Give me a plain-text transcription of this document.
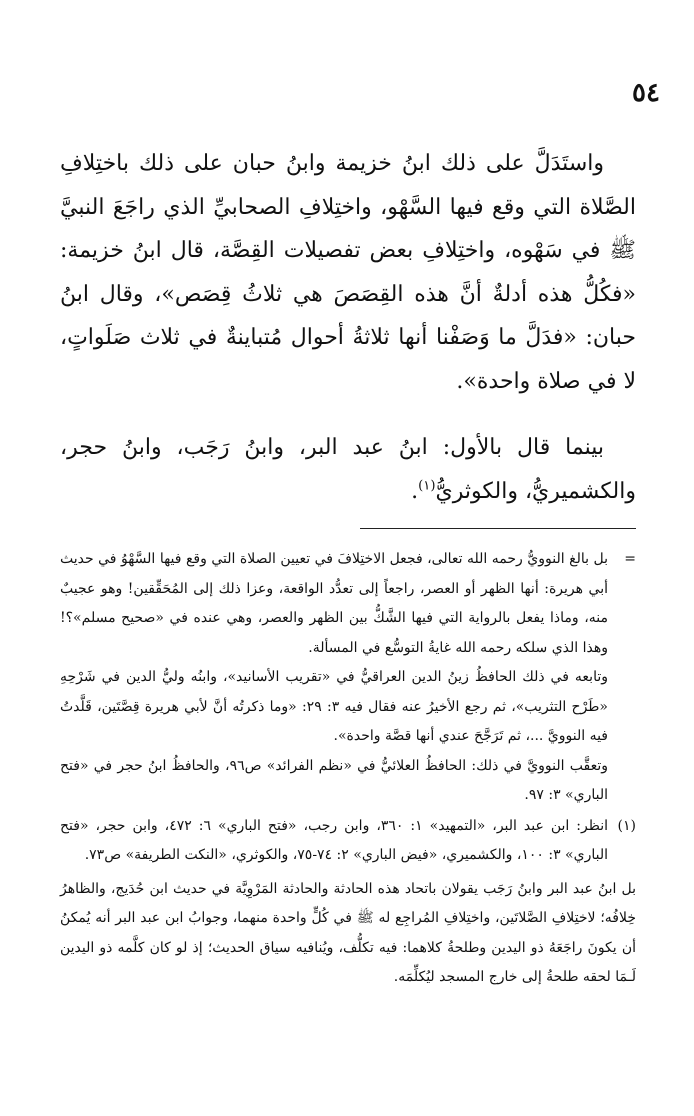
٥٤

واستَدَلَّ على ذلك ابنُ خزيمة وابنُ حبان على ذلك باختِلافِ الصَّلاة التي وقع فيها السَّهْو، واختِلافِ الصحابيِّ الذي راجَعَ النبيَّ ﷺ في سَهْوه، واختِلافِ بعض تفصيلات القِصَّة، قال ابنُ خزيمة: «فكُلُّ هذه أدلةٌ أنَّ هذه القِصَصَ هي ثلاثُ قِصَص»، وقال ابنُ حبان: «فدَلَّ ما وَصَفْنا أنها ثلاثةُ أحوال مُتباينةٌ في ثلاث صَلَواتٍ، لا في صلاة واحدة».

بينما قال بالأول: ابنُ عبد البر، وابنُ رَجَب، وابنُ حجر، والكشميريُّ، والكوثريُّ$^{(١)}$.

=

بل بالغ النوويُّ رحمه الله تعالى، فجعل الاختِلافَ في تعيين الصلاة التي وقع فيها السَّهْوُ في حديث أبي هريرة: أنها الظهر أو العصر، راجعاً إلى تعدُّد الواقعة، وعزا ذلك إلى المُحَقِّقين! وهو عجيبٌ منه، وماذا يفعل بالرواية التي فيها الشَّكُّ بين الظهر والعصر، وهي عنده في «صحيح مسلم»؟! وهذا الذي سلكه رحمه الله غايةُ التوسُّع في المسألة.

وتابعه في ذلك الحافظُ زينُ الدين العراقيُّ في «تقريب الأسانيد»، وابنُه وليُّ الدين في شَرْحِهِ «طَرْح التثريب»، ثم رجع الأخيرُ عنه فقال فيه ٣: ٢٩: «وما ذكرتُه أنَّ لأبي هريرة قِصَّتَين، قَلَّدتُ فيه النوويَّ ...، ثم تَرَجَّحَ عندي أنها قصَّة واحدة».

وتعقَّب النوويَّ في ذلك: الحافظُ العلائيُّ في «نظم الفرائد» ص٩٦، والحافظُ ابنُ حجر في «فتح الباري» ٣: ٩٧.

(١)

انظر: ابن عبد البر، «التمهيد» ١: ٣٦٠، وابن رجب، «فتح الباري» ٦: ٤٧٢، وابن حجر، «فتح الباري» ٣: ١٠٠، والكشميري، «فيض الباري» ٢: ٧٤-٧٥، والكوثري، «النكت الطريفة» ص٧٣.

بل ابنُ عبد البر وابنُ رَجَب يقولان باتحاد هذه الحادثة والحادثة المَرْوِيَّة في حديث ابن حُدَيج، والظاهرُ خِلافُه؛ لاختِلافِ الصَّلاتَين، واختِلافِ المُراجِع له ﷺ في كُلٍّ واحدة منهما، وجوابُ ابن عبد البر أنه يُمكنُ أن يكونَ راجَعَهُ ذو اليدين وطلحةُ كلاهما: فيه تكلُّف، ويُنافيه سياق الحديث؛ إذ لو كان كلَّمه ذو اليدين لَـمَا لحقه طلحةُ إلى خارج المسجد ليُكلِّمَه.
